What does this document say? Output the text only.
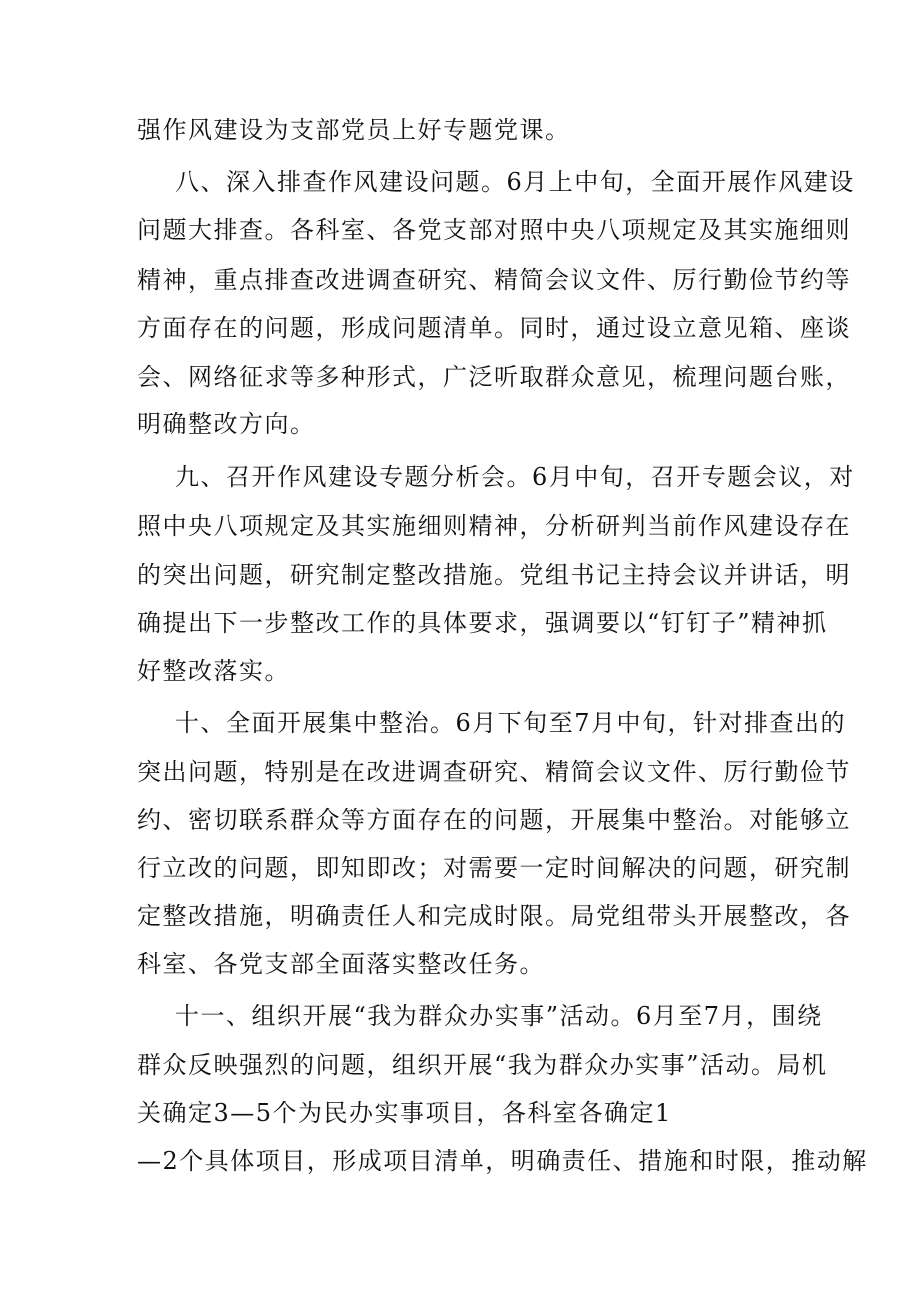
强作风建设为支部党员上好专题党课。
八、深入排查作风建设问题。6月上中旬，全面开展作风建设
问题大排查。各科室、各党支部对照中央八项规定及其实施细则
精神，重点排查改进调查研究、精简会议文件、厉行勤俭节约等
方面存在的问题，形成问题清单。同时，通过设立意见箱、座谈
会、网络征求等多种形式，广泛听取群众意见，梳理问题台账，
明确整改方向。
九、召开作风建设专题分析会。6月中旬，召开专题会议，对
照中央八项规定及其实施细则精神，分析研判当前作风建设存在
的突出问题，研究制定整改措施。党组书记主持会议并讲话，明
确提出下一步整改工作的具体要求，强调要以“钉钉子”精神抓
好整改落实。
十、全面开展集中整治。6月下旬至7月中旬，针对排查出的
突出问题，特别是在改进调查研究、精简会议文件、厉行勤俭节
约、密切联系群众等方面存在的问题，开展集中整治。对能够立
行立改的问题，即知即改；对需要一定时间解决的问题，研究制
定整改措施，明确责任人和完成时限。局党组带头开展整改，各
科室、各党支部全面落实整改任务。
十一、组织开展“我为群众办实事”活动。6月至7月，围绕
群众反映强烈的问题，组织开展“我为群众办实事”活动。局机
关确定3—5个为民办实事项目，各科室各确定1
—2个具体项目，形成项目清单，明确责任、措施和时限，推动解
